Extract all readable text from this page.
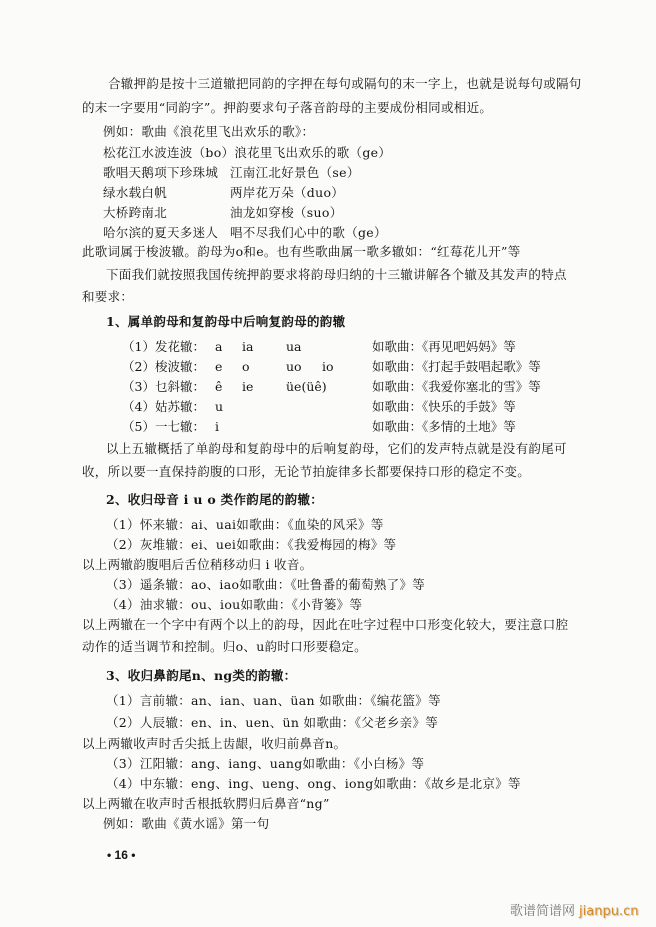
合辙押韵是按十三道辙把同韵的字押在每句或隔句的末一字上，也就是说每句或隔句
的末一字要用“同韵字”。押韵要求句子落音韵母的主要成份相同或相近。
例如：歌曲《浪花里飞出欢乐的歌》：
松花江水波连波（bo）浪花里飞出欢乐的歌（ge）
歌唱天鹅项下珍珠城 江南江北好景色（se）
绿水载白帆	两岸花万朵（duo）
大桥跨南北	油龙如穿梭（suo）
哈尔滨的夏天多迷人 唱不尽我们心中的歌（ge）
此歌词属于梭波辙。韵母为o和e。也有些歌曲属一歌多辙如：“红莓花儿开”等
下面我们就按照我国传统押韵要求将韵母归纳的十三辙讲解各个辙及其发声的特点
和要求：
1、属单韵母和复韵母中后响复韵母的韵辙
（1）发花辙： a ia	ua	如歌曲：《再见吧妈妈》等
（2）梭波辙： e o	uo io	如歌曲：《打起手鼓唱起歌》等
（3）乜斜辙： ê ie	üe(üê)	如歌曲：《我爱你塞北的雪》等
（4）姑苏辙： u	如歌曲：《快乐的手鼓》等
（5）一七辙： i	如歌曲：《多情的土地》等
以上五辙概括了单韵母和复韵母中的后响复韵母，它们的发声特点就是没有韵尾可
收，所以要一直保持韵腹的口形，无论节拍旋律多长都要保持口形的稳定不变。
2、收归母音 i u o 类作韵尾的韵辙：
（1）怀来辙：ai、uai如歌曲：《血染的风采》等
（2）灰堆辙：ei、uei如歌曲：《我爱梅园的梅》等
以上两辙韵腹唱后舌位稍移动归 i 收音。
（3）遥条辙：ao、iao如歌曲：《吐鲁番的葡萄熟了》等
（4）油求辙：ou、iou如歌曲：《小背篓》等
以上两辙在一个字中有两个以上的韵母，因此在吐字过程中口形变化较大，要注意口腔
动作的适当调节和控制。归o、u韵时口形要稳定。
3、收归鼻韵尾n、ng类的韵辙：
（1）言前辙：an、ian、uan、üan 如歌曲：《编花篮》等
（2）人辰辙：en、in、uen、ün 如歌曲：《父老乡亲》等
以上两辙收声时舌尖抵上齿龈，收归前鼻音n。
（3）江阳辙：ang、iang、uang如歌曲：《小白杨》等
（4）中东辙：eng、ing、ueng、ong、iong如歌曲：《故乡是北京》等
以上两辙在收声时舌根抵软腭归后鼻音“ng”
例如：歌曲《黄水谣》第一句
• 16 •
歌谱简谱网 jianpu.cn
